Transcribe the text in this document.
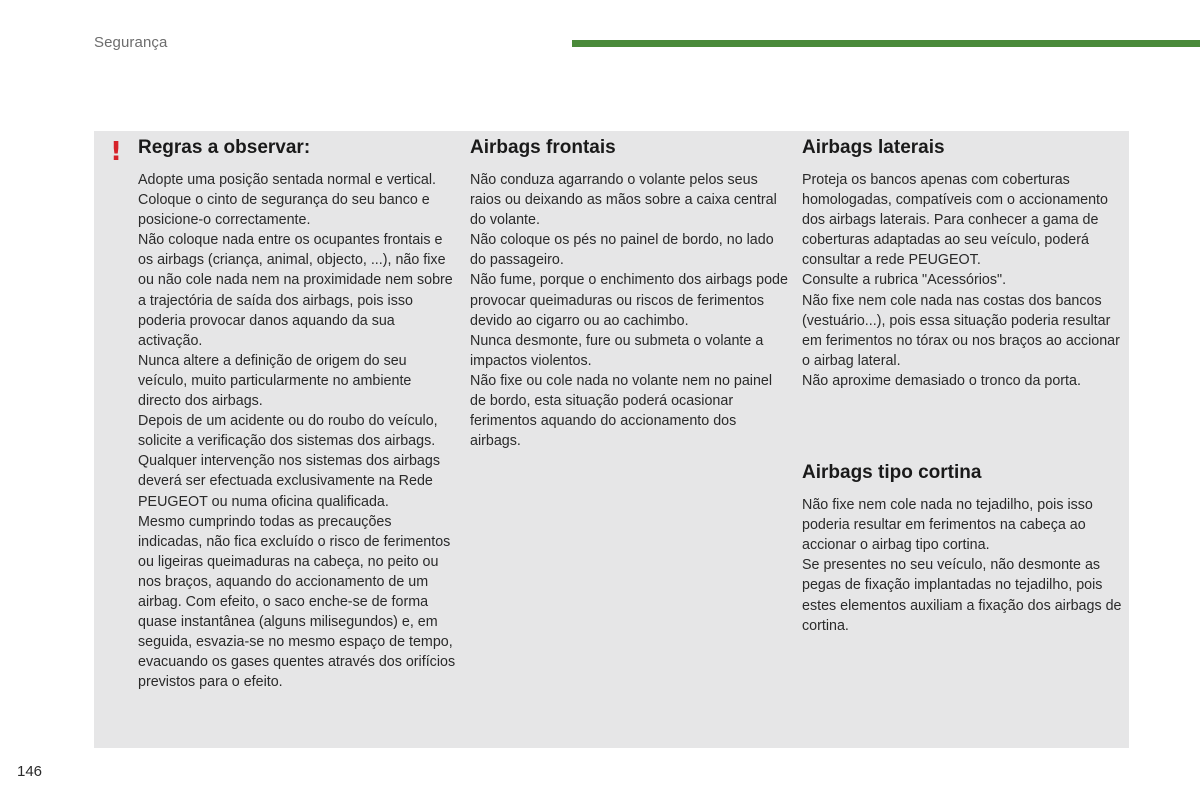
Segurança
! Regras a observar:

Adopte uma posição sentada normal e vertical. Coloque o cinto de segurança do seu banco e posicione-o correctamente.

Não coloque nada entre os ocupantes frontais e os airbags (criança, animal, objecto, ...), não fixe ou não cole nada nem na proximidade nem sobre a trajectória de saída dos airbags, pois isso poderia provocar danos aquando da sua activação.

Nunca altere a definição de origem do seu veículo, muito particularmente no ambiente directo dos airbags.

Depois de um acidente ou do roubo do veículo, solicite a verificação dos sistemas dos airbags.

Qualquer intervenção nos sistemas dos airbags deverá ser efectuada exclusivamente na Rede PEUGEOT ou numa oficina qualificada.

Mesmo cumprindo todas as precauções indicadas, não fica excluído o risco de ferimentos ou ligeiras queimaduras na cabeça, no peito ou nos braços, aquando do accionamento de um airbag. Com efeito, o saco enche-se de forma quase instantânea (alguns milisegundos) e, em seguida, esvazia-se no mesmo espaço de tempo, evacuando os gases quentes através dos orifícios previstos para o efeito.

Airbags frontais

Não conduza agarrando o volante pelos seus raios ou deixando as mãos sobre a caixa central do volante.

Não coloque os pés no painel de bordo, no lado do passageiro.

Não fume, porque o enchimento dos airbags pode provocar queimaduras ou riscos de ferimentos devido ao cigarro ou ao cachimbo.

Nunca desmonte, fure ou submeta o volante a impactos violentos.

Não fixe ou cole nada no volante nem no painel de bordo, esta situação poderá ocasionar ferimentos aquando do accionamento dos airbags.

Airbags laterais

Proteja os bancos apenas com coberturas homologadas, compatíveis com o accionamento dos airbags laterais. Para conhecer a gama de coberturas adaptadas ao seu veículo, poderá consultar a rede PEUGEOT.

Consulte a rubrica "Acessórios".

Não fixe nem cole nada nas costas dos bancos (vestuário...), pois essa situação poderia resultar em ferimentos no tórax ou nos braços ao accionar o airbag lateral.

Não aproxime demasiado o tronco da porta.

Airbags tipo cortina

Não fixe nem cole nada no tejadilho, pois isso poderia resultar em ferimentos na cabeça ao accionar o airbag tipo cortina.

Se presentes no seu veículo, não desmonte as pegas de fixação implantadas no tejadilho, pois estes elementos auxiliam a fixação dos airbags de cortina.

146
